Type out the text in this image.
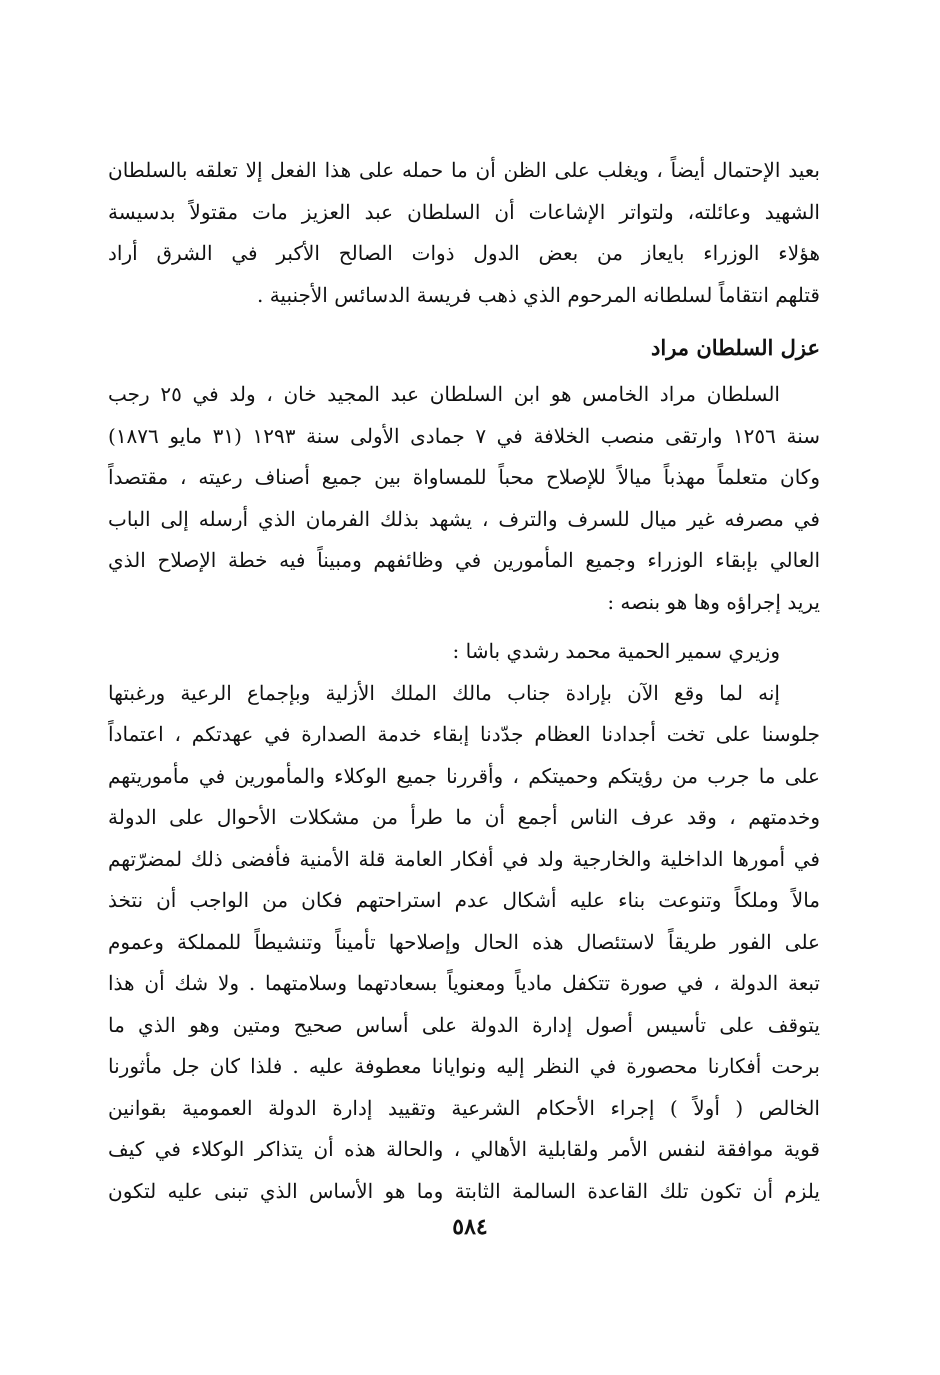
بعيد الإحتمال أيضاً ، ويغلب على الظن أن ما حمله على هذا الفعل إلا تعلقه بالسلطان
الشهيد وعائلته، ولتواتر الإشاعات أن السلطان عبد العزيز مات مقتولاً بدسيسة
هؤلاء الوزراء بايعاز من بعض الدول ذوات الصالح الأكبر في الشرق أراد
قتلهم انتقاماً لسلطانه المرحوم الذي ذهب فريسة الدسائس الأجنبية .
عزل السلطان مراد
السلطان مراد الخامس هو ابن السلطان عبد المجيد خان ، ولد في ٢٥ رجب
سنة ١٢٥٦ وارتقى منصب الخلافة في ٧ جمادى الأولى سنة ١٢٩٣ (٣١ مايو ١٨٧٦)
وكان متعلماً مهذباً ميالاً للإصلاح محباً للمساواة بين جميع أصناف رعيته ، مقتصداً
في مصرفه غير ميال للسرف والترف ، يشهد بذلك الفرمان الذي أرسله إلى الباب
العالي بإبقاء الوزراء وجميع المأمورين في وظائفهم ومبيناً فيه خطة الإصلاح الذي
يريد إجراؤه وها هو بنصه :
وزيري سمير الحمية محمد رشدي باشا :
إنه لما وقع الآن بإرادة جناب مالك الملك الأزلية وبإجماع الرعية ورغبتها
جلوسنا على تخت أجدادنا العظام جدّدنا إبقاء خدمة الصدارة في عهدتكم ، اعتماداً
على ما جرب من رؤيتكم وحميتكم ، وأقررنا جميع الوكلاء والمأمورين في مأموريتهم
وخدمتهم ، وقد عرف الناس أجمع أن ما طرأ من مشكلات الأحوال على الدولة
في أمورها الداخلية والخارجية ولد في أفكار العامة قلة الأمنية فأفضى ذلك لمضرّتهم
مالاً وملكاً وتنوعت بناء عليه أشكال عدم استراحتهم فكان من الواجب أن نتخذ
على الفور طريقاً لاستئصال هذه الحال وإصلاحها تأميناً وتنشيطاً للمملكة وعموم
تبعة الدولة ، في صورة تتكفل مادياً ومعنوياً بسعادتهما وسلامتهما . ولا شك أن هذا
يتوقف على تأسيس أصول إدارة الدولة على أساس صحيح ومتين وهو الذي ما
برحت أفكارنا محصورة في النظر إليه ونوايانا معطوفة عليه . فلذا كان جل مأثورنا
الخالص ( أولاً ) إجراء الأحكام الشرعية وتقييد إدارة الدولة العمومية بقوانين
قوية موافقة لنفس الأمر ولقابلية الأهالي ، والحالة هذه أن يتذاكر الوكلاء في كيف
يلزم أن تكون تلك القاعدة السالمة الثابتة وما هو الأساس الذي تبنى عليه لتكون
٥٨٤
